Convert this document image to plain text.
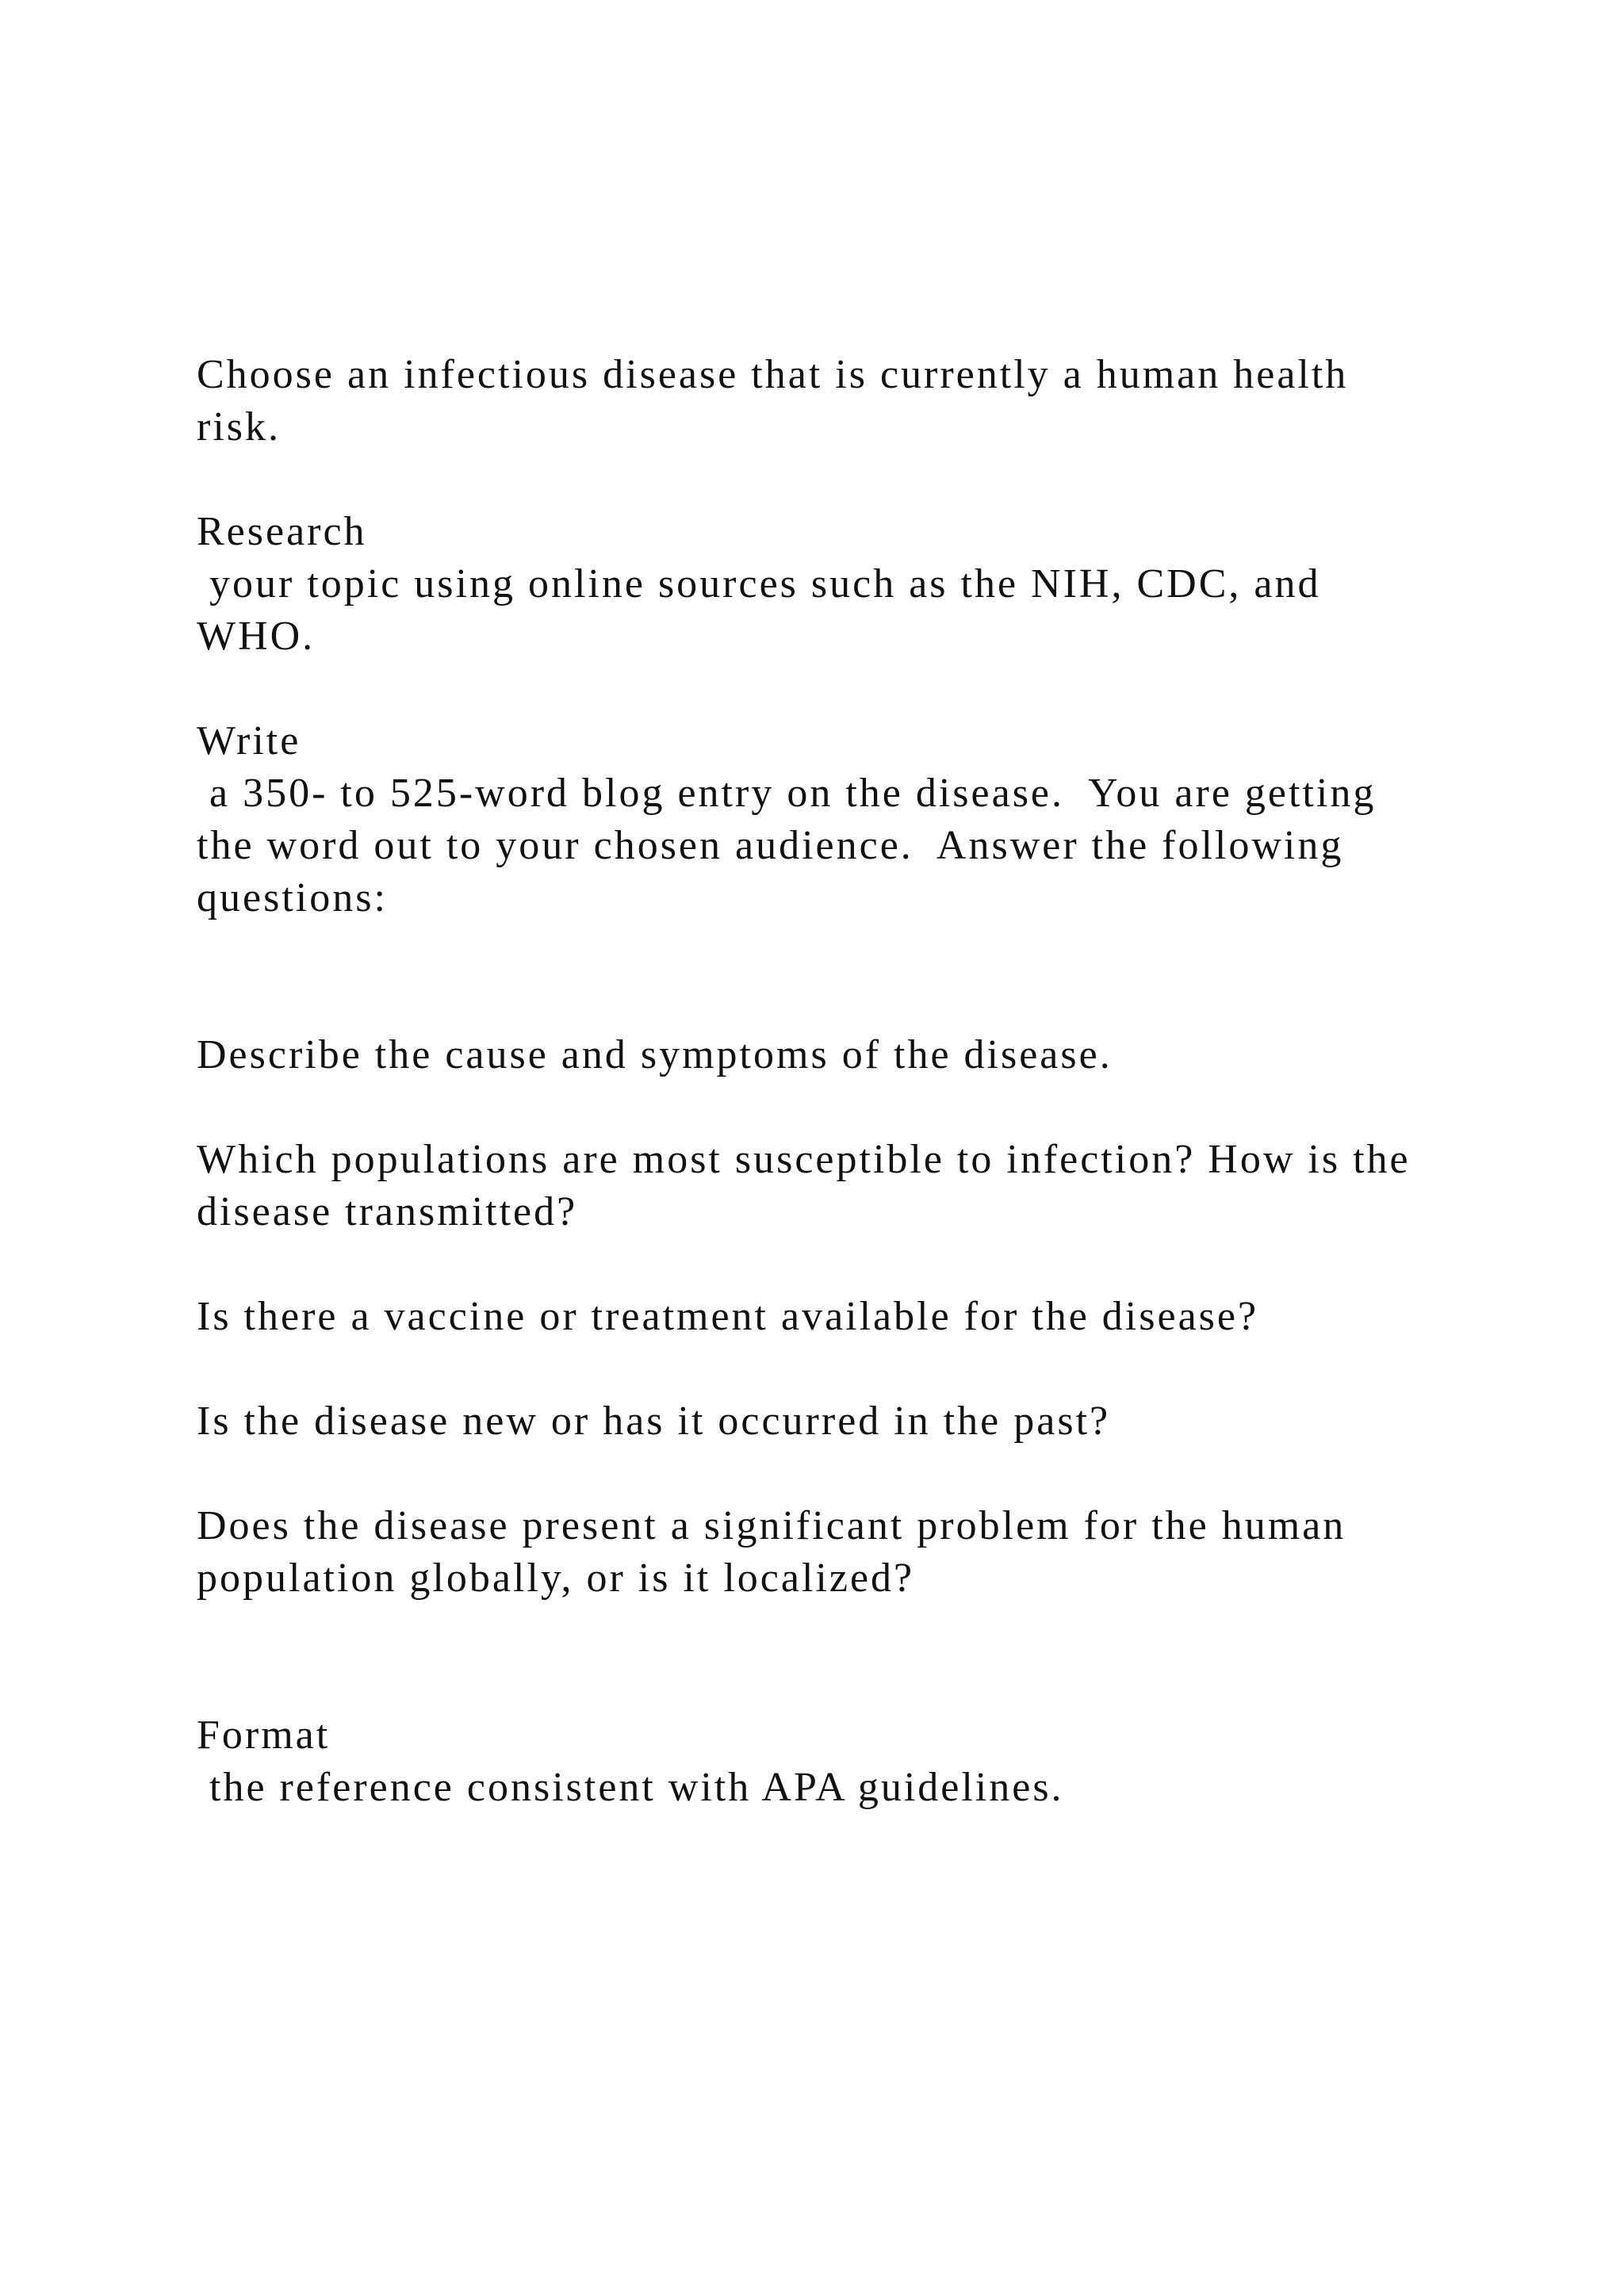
Choose an infectious disease that is currently a human health
risk.
Research
your topic using online sources such as the NIH, CDC, and
WHO.
Write
a 350- to 525-word blog entry on the disease.  You are getting
the word out to your chosen audience.  Answer the following
questions:
Describe the cause and symptoms of the disease.
Which populations are most susceptible to infection? How is the
disease transmitted?
Is there a vaccine or treatment available for the disease?
Is the disease new or has it occurred in the past?
Does the disease present a significant problem for the human
population globally, or is it localized?
Format
the reference consistent with APA guidelines.
